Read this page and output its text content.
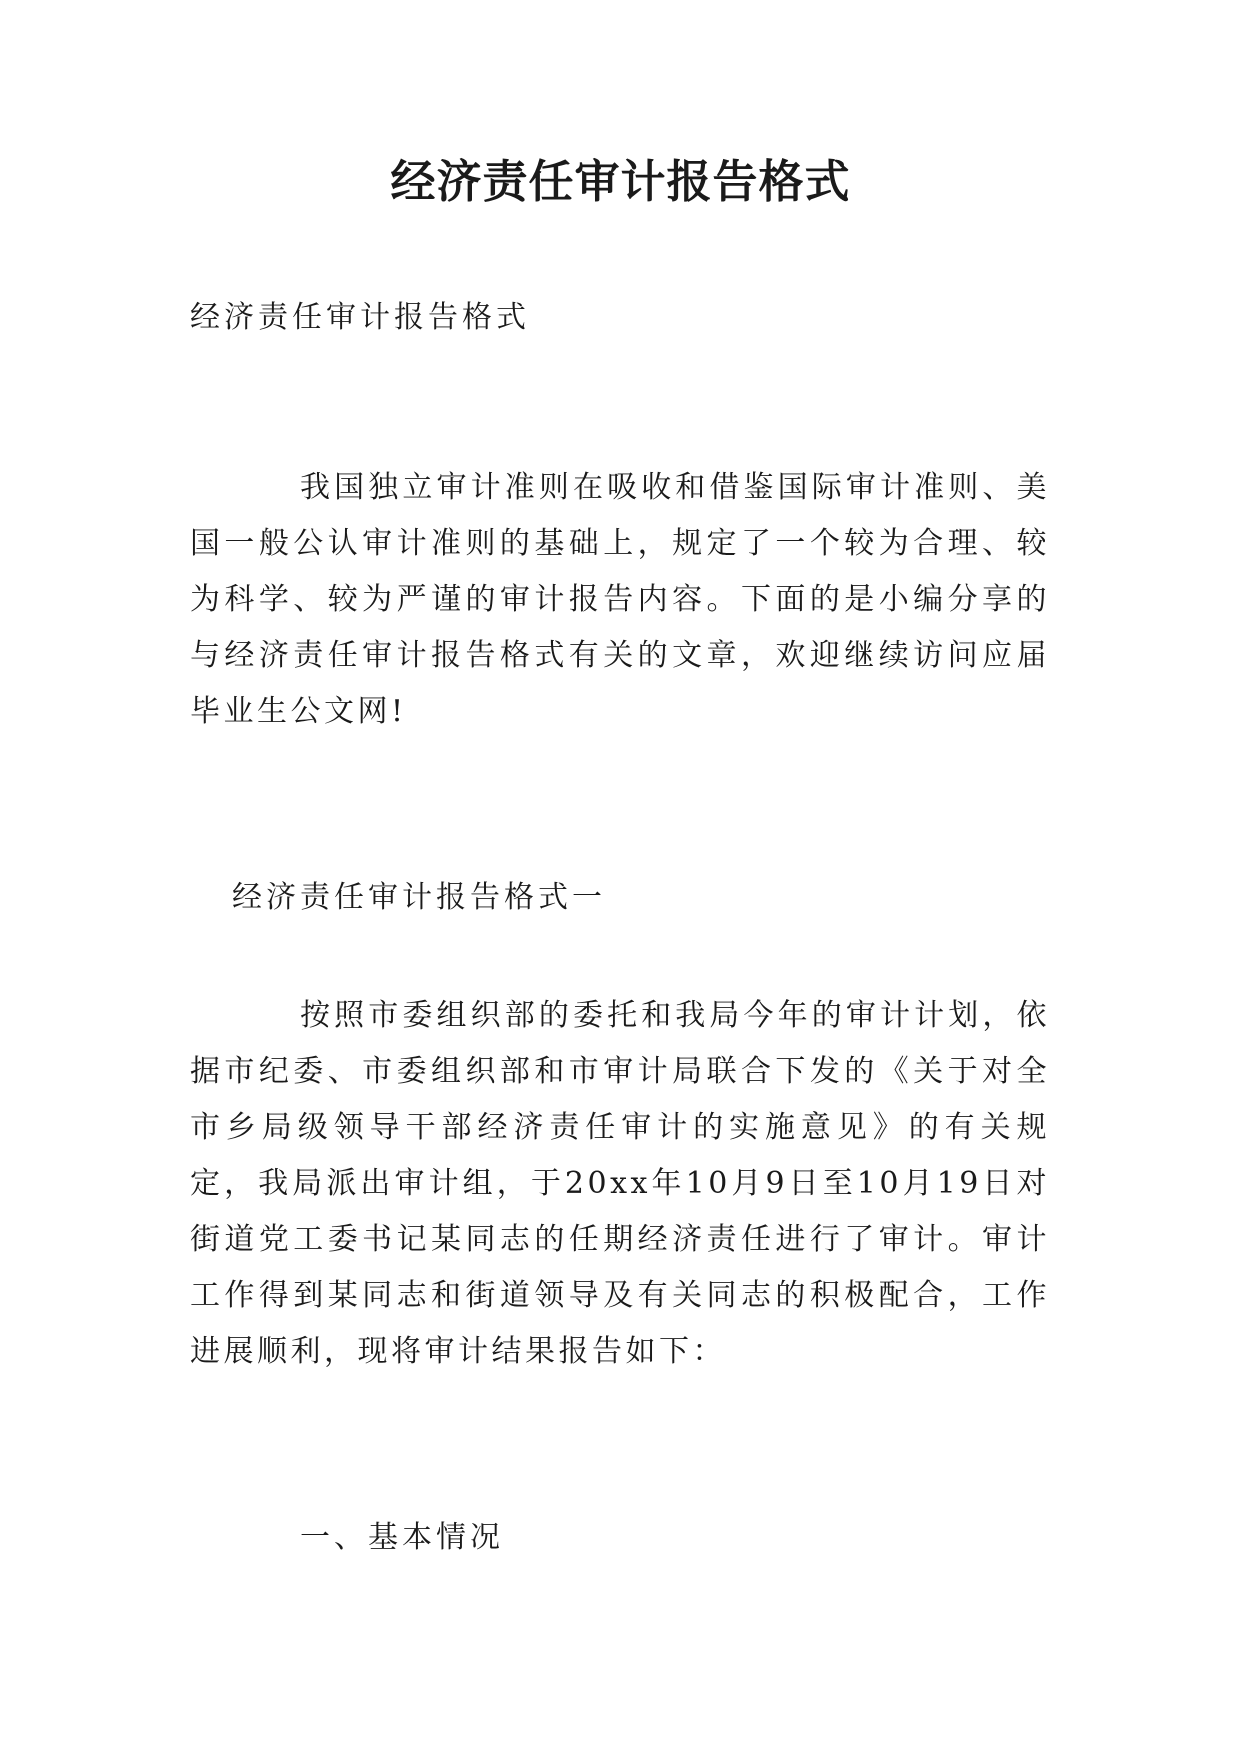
经济责任审计报告格式

经济责任审计报告格式

我国独立审计准则在吸收和借鉴国际审计准则、美国一般公认审计准则的基础上，规定了一个较为合理、较为科学、较为严谨的审计报告内容。下面的是小编分享的与经济责任审计报告格式有关的文章，欢迎继续访问应届毕业生公文网!

经济责任审计报告格式一

按照市委组织部的委托和我局今年的审计计划，依据市纪委、市委组织部和市审计局联合下发的《关于对全市乡局级领导干部经济责任审计的实施意见》的有关规定，我局派出审计组，于20xx年10月9日至10月19日对街道党工委书记某同志的任期经济责任进行了审计。审计工作得到某同志和街道领导及有关同志的积极配合，工作进展顺利，现将审计结果报告如下：

一、基本情况
